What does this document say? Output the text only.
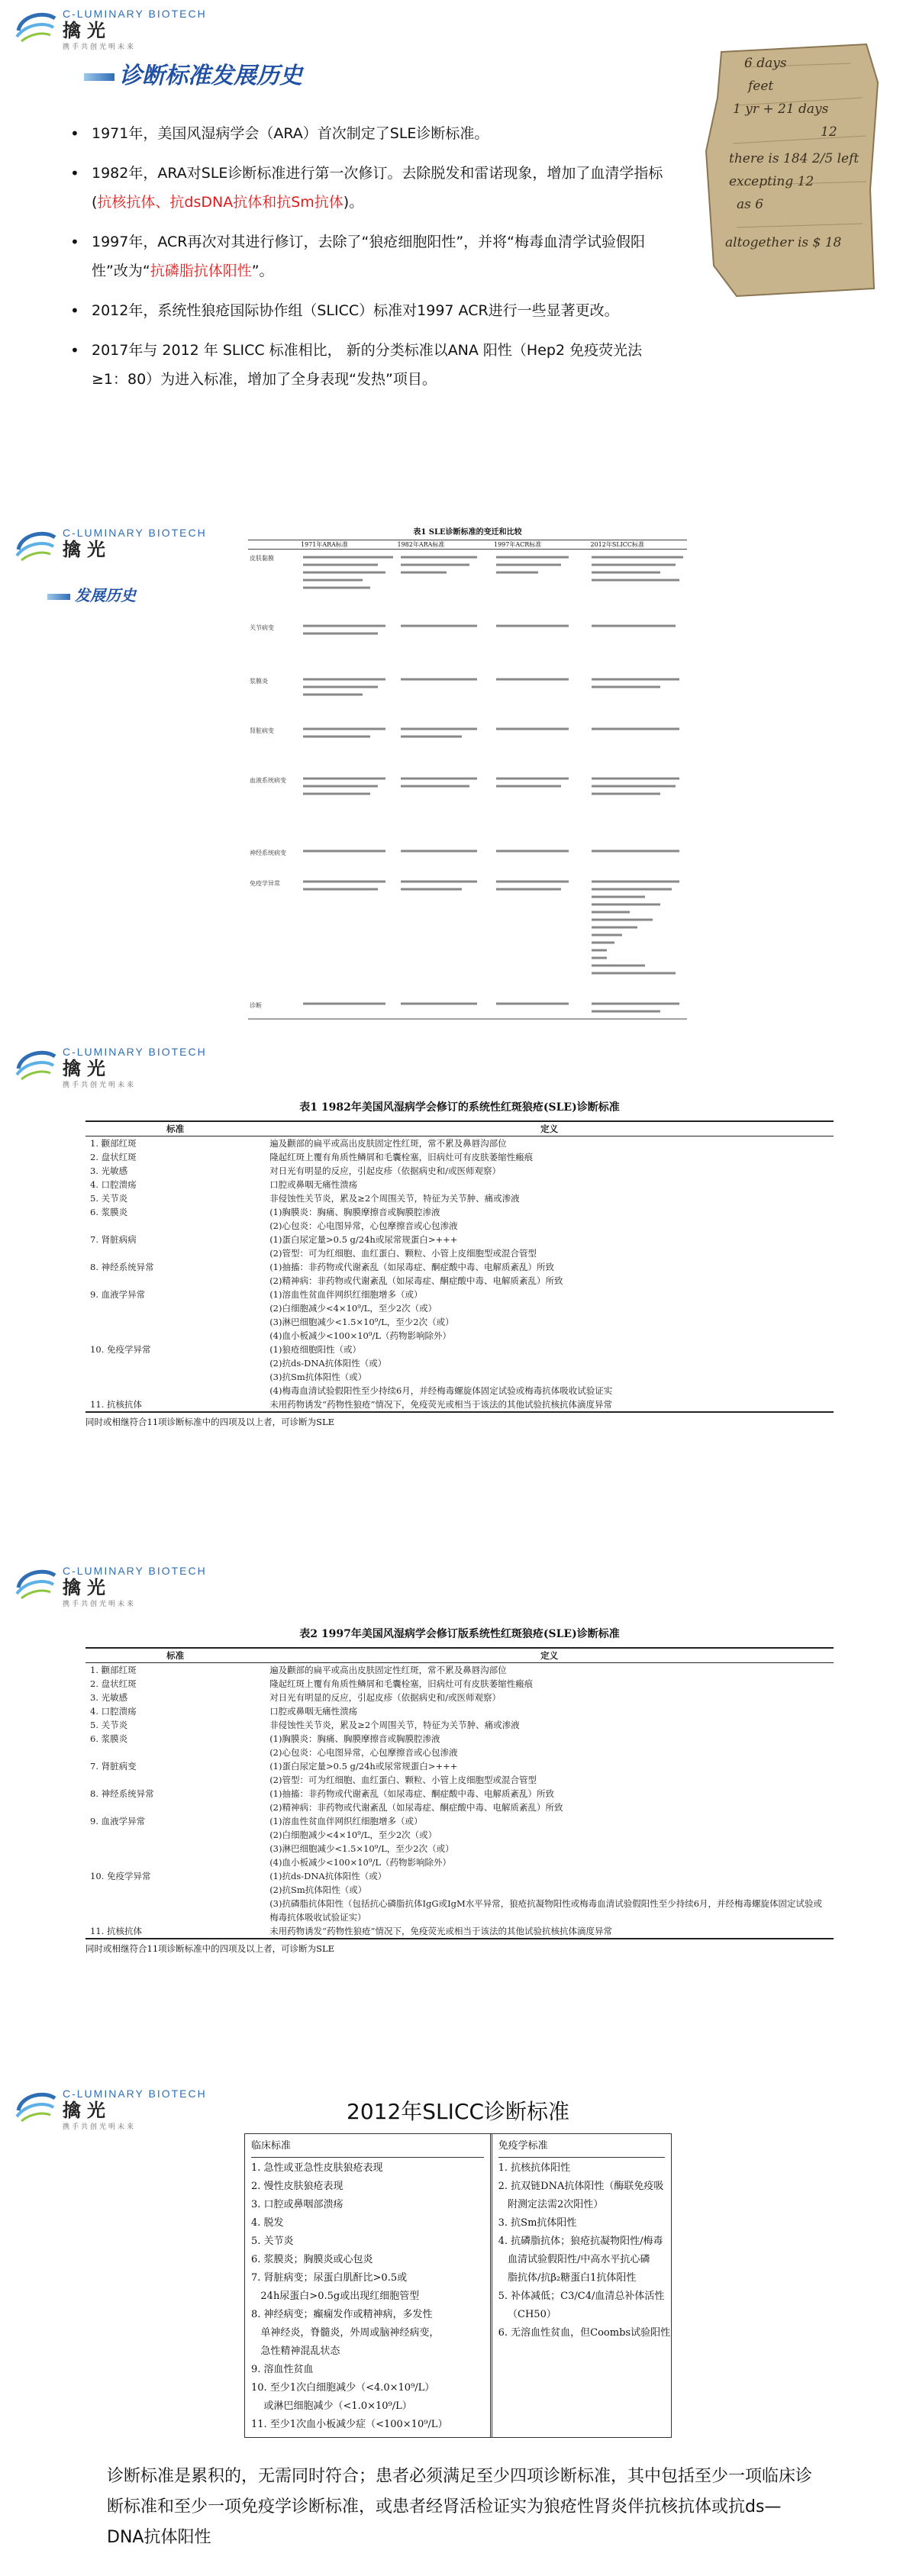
C-LUMINARY BIOTECH
擒光
携手共创光明未来
诊断标准发展历史
• 1971年，美国风湿病学会（ARA）首次制定了SLE诊断标准。
• 1982年，ARA对SLE诊断标准进行第一次修订。去除脱发和雷诺现象，增加了血清学指标(抗核抗体、抗dsDNA抗体和抗Sm抗体)。
• 1997年，ACR再次对其进行修订，去除了“狼疮细胞阳性”，并将“梅毒血清学试验假阳性”改为“抗磷脂抗体阳性”。
• 2012年，系统性狼疮国际协作组（SLICC）标准对1997 ACR进行一些显著更改。
• 2017年与 2012 年 SLICC 标准相比， 新的分类标准以ANA 阳性（Hep2 免疫荧光法≥1：80）为进入标准，增加了全身表现“发热”项目。
6 days
feet
1 yr + 21 days
12
there is 184 2/5 left
excepting 12
as 6
altogether is $ 18
C-LUMINARY BIOTECH
擒光
发展历史
表1 SLE诊断标准的变迁和比较
1971年ARA标准	1982年ARA标准	1997年ACR标准	2012年SLICC标准
皮肤黏膜
关节病变
浆膜炎
肾脏病变
血液系统病变
神经系统病变
免疫学异常
诊断
C-LUMINARY BIOTECH
擒光
携手共创光明未来
表1 1982年美国风湿病学会修订的系统性红斑狼疮(SLE)诊断标准
标准	定义
1. 颧部红斑	遍及颧部的扁平或高出皮肤固定性红斑，常不累及鼻唇沟部位
2. 盘状红斑	隆起红斑上覆有角质性鳞屑和毛囊栓塞，旧病灶可有皮肤萎缩性瘢痕
3. 光敏感	对日光有明显的反应，引起皮疹（依据病史和/或医师观察）
4. 口腔溃疡	口腔或鼻咽无痛性溃疡
5. 关节炎	非侵蚀性关节炎，累及≥2个周围关节，特征为关节肿、痛或渗液
6. 浆膜炎	(1)胸膜炎：胸痛、胸膜摩擦音或胸膜腔渗液
	(2)心包炎：心电图异常，心包摩擦音或心包渗液
7. 肾脏病病	(1)蛋白尿定量>0.5 g/24h或尿常规蛋白>+++
	(2)管型：可为红细胞、血红蛋白、颗粒、小管上皮细胞型或混合管型
8. 神经系统异常	(1)抽搐：非药物或代谢紊乱（如尿毒症、酮症酸中毒、电解质紊乱）所致
	(2)精神病：非药物或代谢紊乱（如尿毒症、酮症酸中毒、电解质紊乱）所致
9. 血液学异常	(1)溶血性贫血伴网织红细胞增多（或）
	(2)白细胞减少<4×10⁹/L，至少2次（或）
	(3)淋巴细胞减少<1.5×10⁹/L，至少2次（或）
	(4)血小板减少<100×10⁹/L（药物影响除外）
10. 免疫学异常	(1)狼疮细胞阳性（或）
	(2)抗ds-DNA抗体阳性（或）
	(3)抗Sm抗体阳性（或）
	(4)梅毒血清试验假阳性至少持续6月，并经梅毒螺旋体固定试验或梅毒抗体吸收试验证实
11. 抗核抗体	未用药物诱发“药物性狼疮”情况下，免疫荧光或相当于该法的其他试验抗核抗体滴度异常
同时或相继符合11项诊断标准中的四项及以上者，可诊断为SLE
C-LUMINARY BIOTECH
擒光
携手共创光明未来
表2 1997年美国风湿病学会修订版系统性红斑狼疮(SLE)诊断标准
标准	定义
1. 颧部红斑	遍及颧部的扁平或高出皮肤固定性红斑，常不累及鼻唇沟部位
2. 盘状红斑	隆起红斑上覆有角质性鳞屑和毛囊栓塞，旧病灶可有皮肤萎缩性瘢痕
3. 光敏感	对日光有明显的反应，引起皮疹（依据病史和/或医师观察）
4. 口腔溃疡	口腔或鼻咽无痛性溃疡
5. 关节炎	非侵蚀性关节炎，累及≥2个周围关节，特征为关节肿、痛或渗液
6. 浆膜炎	(1)胸膜炎：胸痛、胸膜摩擦音或胸膜腔渗液
	(2)心包炎：心电图异常，心包摩擦音或心包渗液
7. 肾脏病变	(1)蛋白尿定量>0.5 g/24h或尿常规蛋白>+++
	(2)管型：可为红细胞、血红蛋白、颗粒、小管上皮细胞型或混合管型
8. 神经系统异常	(1)抽搐：非药物或代谢紊乱（如尿毒症、酮症酸中毒、电解质紊乱）所致
	(2)精神病：非药物或代谢紊乱（如尿毒症、酮症酸中毒、电解质紊乱）所致
9. 血液学异常	(1)溶血性贫血伴网织红细胞增多（或）
	(2)白细胞减少<4×10⁹/L，至少2次（或）
	(3)淋巴细胞减少<1.5×10⁹/L，至少2次（或）
	(4)血小板减少<100×10⁹/L（药物影响除外）
10. 免疫学异常	(1)抗ds-DNA抗体阳性（或）
	(2)抗Sm抗体阳性（或）
	(3)抗磷脂抗体阳性（包括抗心磷脂抗体IgG或IgM水平异常，狼疮抗凝物阳性或梅毒血清试验假阳性至少持续6月，并经梅毒螺旋体固定试验或梅毒抗体吸收试验证实）
11. 抗核抗体	未用药物诱发“药物性狼疮”情况下，免疫荧光或相当于该法的其他试验抗核抗体滴度异常
同时或相继符合11项诊断标准中的四项及以上者，可诊断为SLE
C-LUMINARY BIOTECH
擒光
携手共创光明未来
2012年SLICC诊断标准
临床标准
1. 急性或亚急性皮肤狼疮表现
2. 慢性皮肤狼疮表现
3. 口腔或鼻咽部溃疡
4. 脱发
5. 关节炎
6. 浆膜炎；胸膜炎或心包炎
7. 肾脏病变；尿蛋白肌酐比>0.5或
24h尿蛋白>0.5g或出现红细胞管型
8. 神经病变；癫痫发作或精神病，多发性
单神经炎，脊髓炎，外周或脑神经病变，
急性精神混乱状态
9. 溶血性贫血
10. 至少1次白细胞减少（<4.0×10⁹/L）
或淋巴细胞减少（<1.0×10⁹/L）
11. 至少1次血小板减少症（<100×10⁹/L）
免疫学标准
1. 抗核抗体阳性
2. 抗双链DNA抗体阳性（酶联免疫吸
附测定法需2次阳性）
3. 抗Sm抗体阳性
4. 抗磷脂抗体；狼疮抗凝物阳性/梅毒
血清试验假阳性/中高水平抗心磷
脂抗体/抗β₂糖蛋白1抗体阳性
5. 补体减低；C3/C4/血清总补体活性
（CH50）
6. 无溶血性贫血，但Coombs试验阳性
诊断标准是累积的，无需同时符合；患者必须满足至少四项诊断标准，其中包括至少一项临床诊断标准和至少一项免疫学诊断标准，或患者经肾活检证实为狼疮性肾炎伴抗核抗体或抗ds—DNA抗体阳性
